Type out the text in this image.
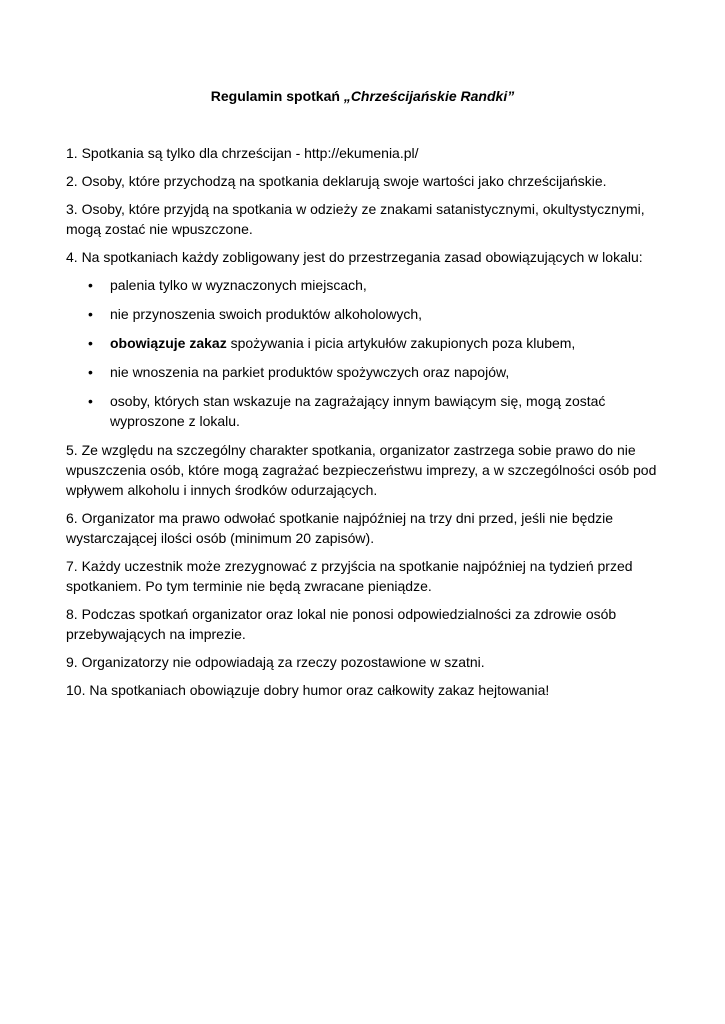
Regulamin spotkań „Chrześcijańskie Randki”

1. Spotkania są tylko dla chrześcijan - http://ekumenia.pl/

2. Osoby, które przychodzą na spotkania deklarują swoje wartości jako chrześcijańskie.

3. Osoby, które przyjdą na spotkania w odzieży ze znakami satanistycznymi, okultystycznymi, mogą zostać nie wpuszczone.

4. Na spotkaniach każdy zobligowany jest do przestrzegania zasad obowiązujących w lokalu:

• palenia tylko w wyznaczonych miejscach,
• nie przynoszenia swoich produktów alkoholowych,
• obowiązuje zakaz spożywania i picia artykułów zakupionych poza klubem,
• nie wnoszenia na parkiet produktów spożywczych oraz napojów,
• osoby, których stan wskazuje na zagrażający innym bawiącym się, mogą zostać wyproszone z lokalu.

5. Ze względu na szczególny charakter spotkania, organizator zastrzega sobie prawo do nie wpuszczenia osób, które mogą zagrażać bezpieczeństwu imprezy, a w szczególności osób pod wpływem alkoholu i innych środków odurzających.

6. Organizator ma prawo odwołać spotkanie najpóźniej na trzy dni przed, jeśli nie będzie wystarczającej ilości osób (minimum 20 zapisów).

7. Każdy uczestnik może zrezygnować z przyjścia na spotkanie najpóźniej na tydzień przed spotkaniem. Po tym terminie nie będą zwracane pieniądze.

8. Podczas spotkań organizator oraz lokal nie ponosi odpowiedzialności za zdrowie osób przebywających na imprezie.

9. Organizatorzy nie odpowiadają za rzeczy pozostawione w szatni.

10. Na spotkaniach obowiązuje dobry humor oraz całkowity zakaz hejtowania!
